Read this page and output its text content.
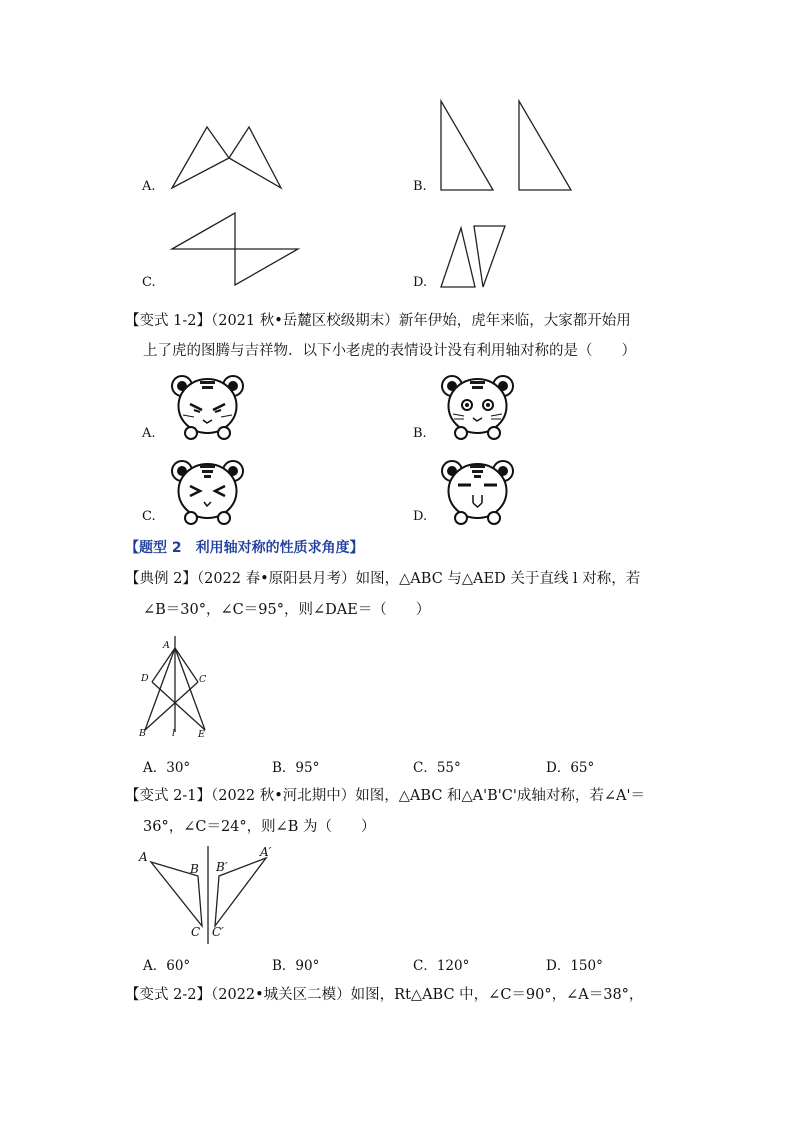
A.	B.
C.	D.
【变式 1-2】（2021 秋•岳麓区校级期末）新年伊始，虎年来临，大家都开始用
上了虎的图腾与吉祥物．以下小老虎的表情设计没有利用轴对称的是（　　）
A.	B.
C.	D.
【题型 2　利用轴对称的性质求角度】
【典例 2】（2022 春•原阳县月考）如图，△ABC 与△AED 关于直线 l 对称，若
∠B＝30°，∠C＝95°，则∠DAE＝（　　）
A
D	C
B	l E
A．30°	B．95°	C．55°	D．65°
【变式 2-1】（2022 秋•河北期中）如图，△ABC 和△A'B'C'成轴对称，若∠A'＝
36°，∠C＝24°，则∠B 为（　　）
A
B
C
A′
B′
C′
A．60°	B．90°	C．120°	D．150°
【变式 2-2】（2022•城关区二模）如图，Rt△ABC 中，∠C＝90°，∠A＝38°，
